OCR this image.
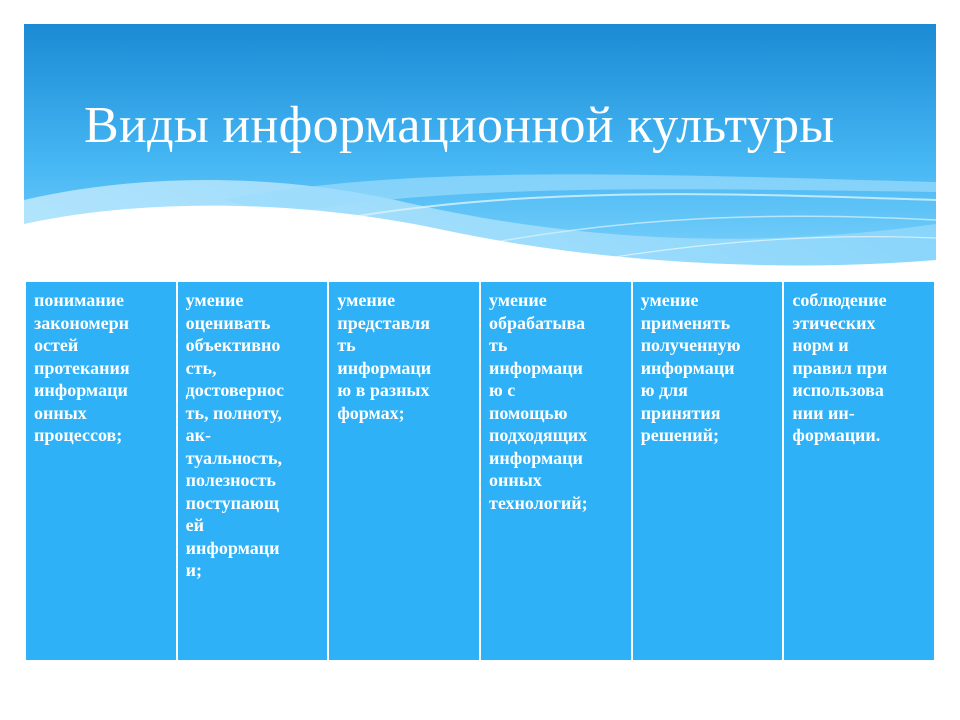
Виды информационной культуры
понимание
закономерн
остей
протекания
информаци
онных
процессов;
умение
оценивать
объективно
сть,
достовернос
ть, полноту,
ак-
туальность,
полезность
поступающ
ей
информаци
и;
умение
представля
ть
информаци
ю в разных
формах;
умение
обрабатыва
ть
информаци
ю с
помощью
подходящих
информаци
онных
технологий;
умение
применять
полученную
информаци
ю для
принятия
решений;
соблюдение
этических
норм и
правил при
использова
нии ин-
формации.
